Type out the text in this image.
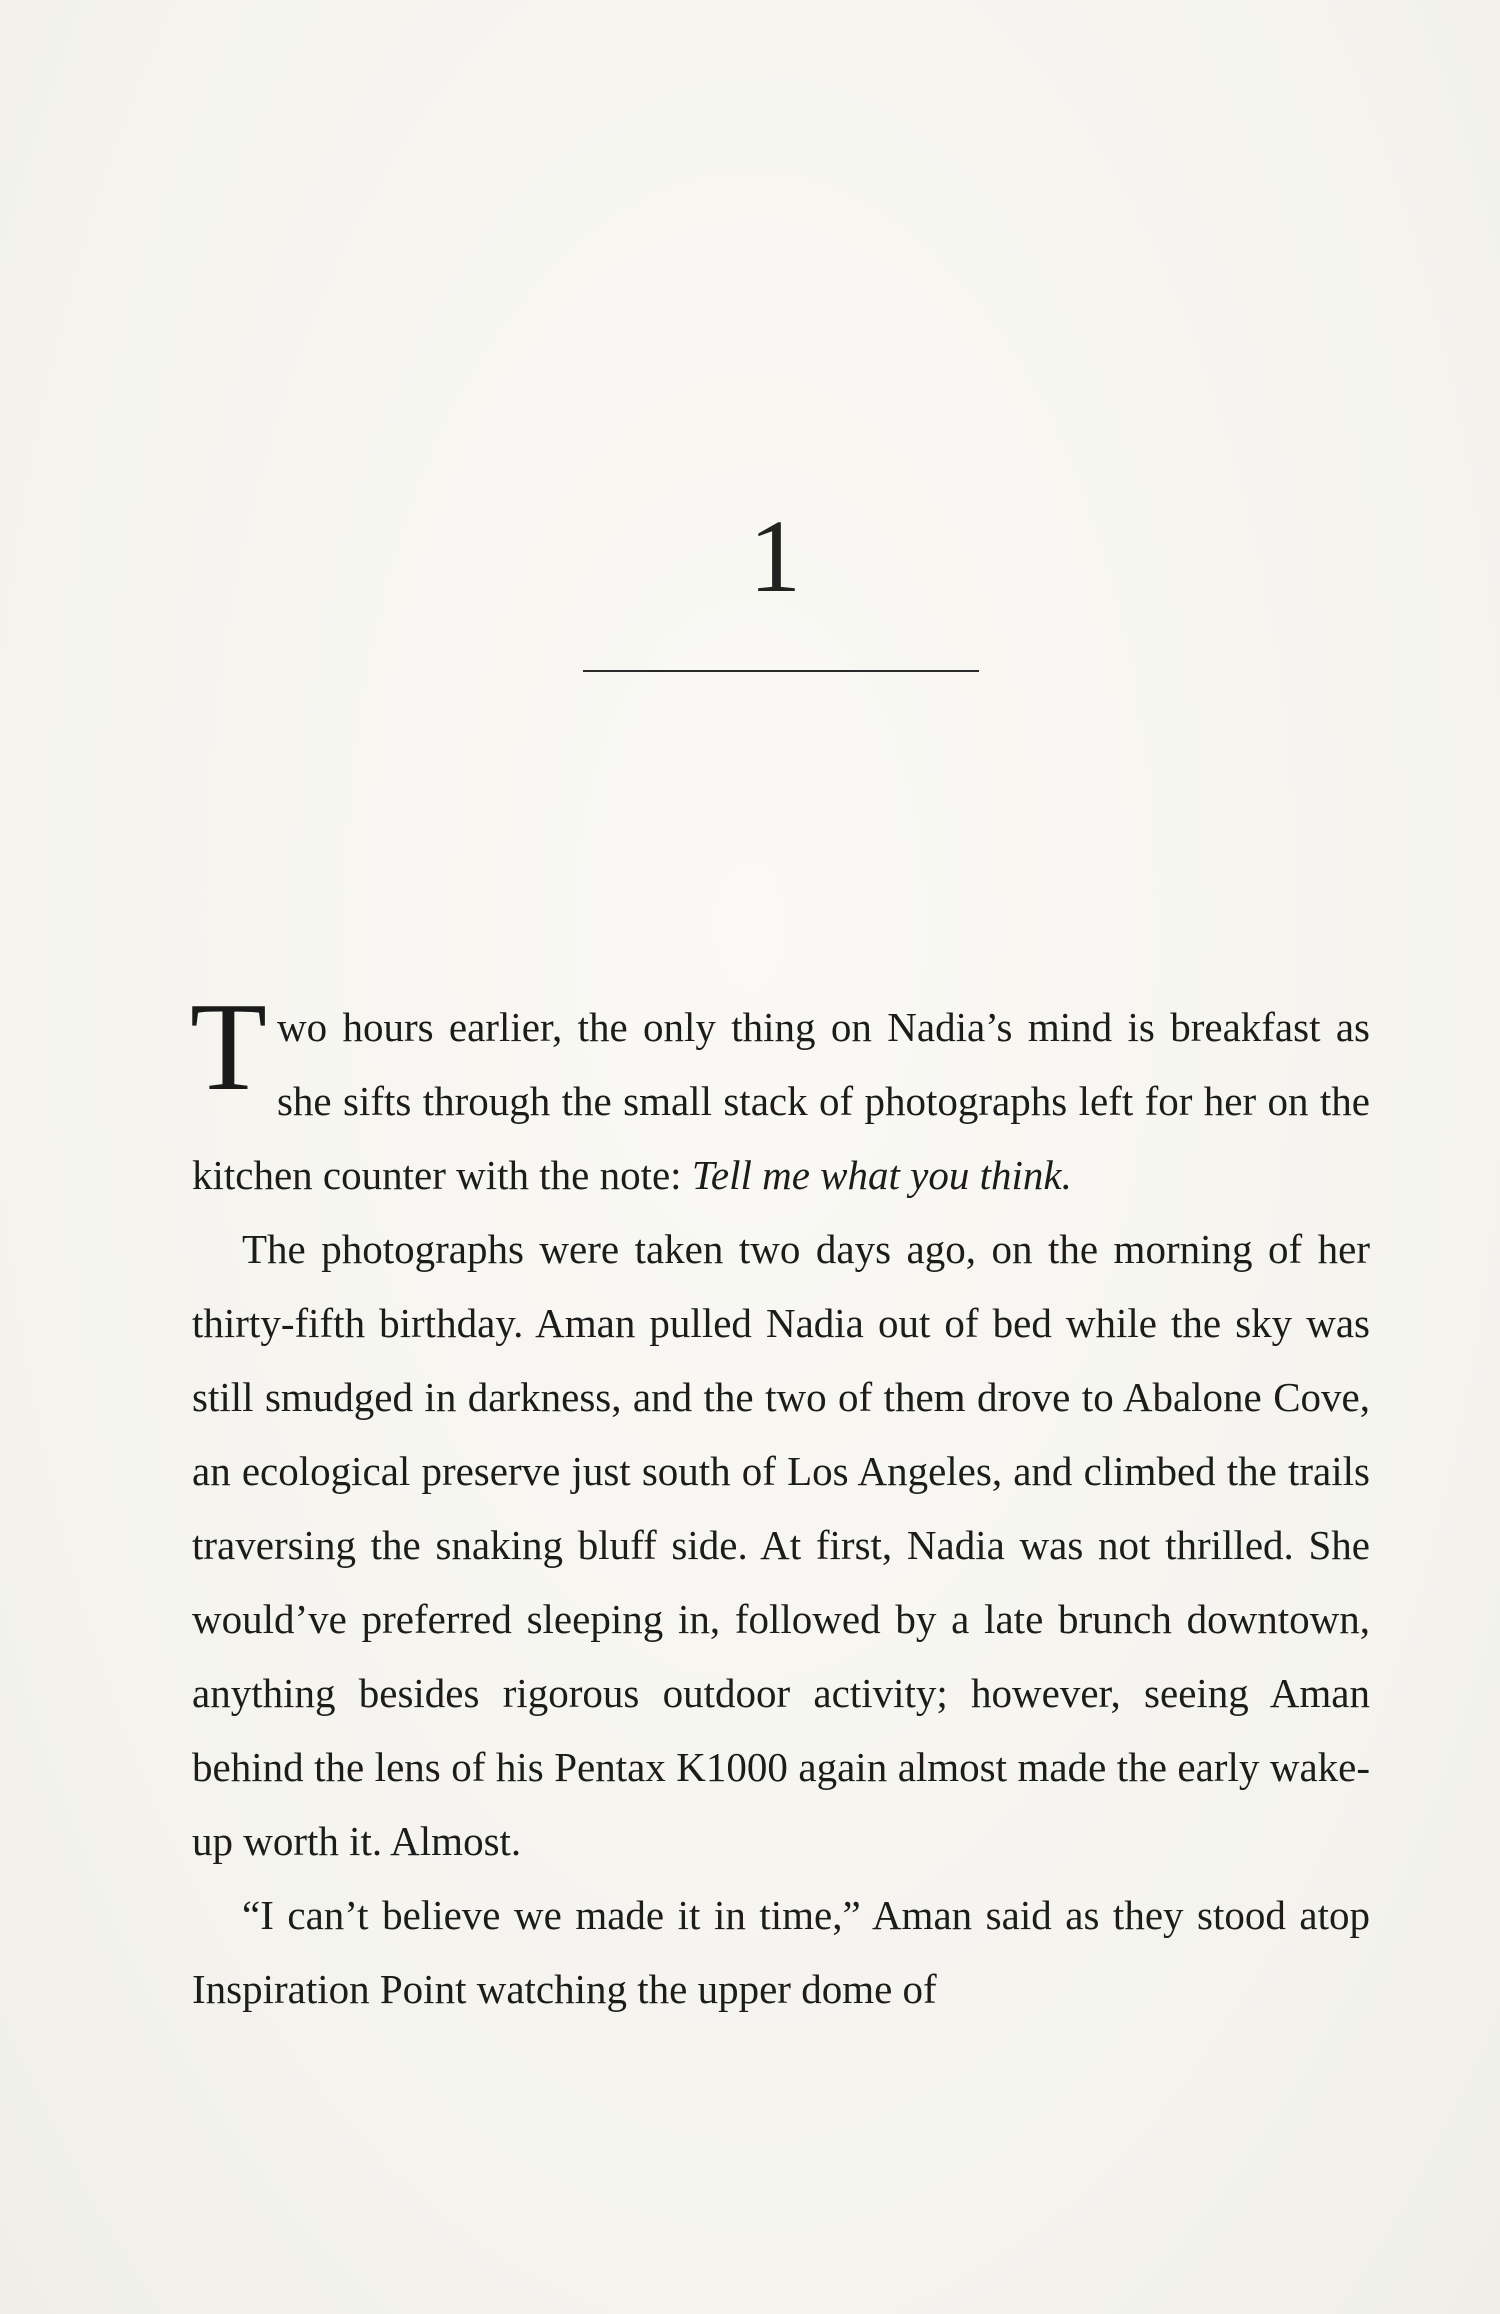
1

Two hours earlier, the only thing on Nadia’s mind is breakfast as she sifts through the small stack of photographs left for her on the kitchen counter with the note: Tell me what you think.

The photographs were taken two days ago, on the morning of her thirty-fifth birthday. Aman pulled Nadia out of bed while the sky was still smudged in darkness, and the two of them drove to Abalone Cove, an ecological preserve just south of Los Angeles, and climbed the trails traversing the snaking bluff side. At first, Nadia was not thrilled. She would’ve preferred sleeping in, followed by a late brunch downtown, anything besides rigorous outdoor activity; however, seeing Aman behind the lens of his Pentax K1000 again almost made the early wake-up worth it. Almost.

“I can’t believe we made it in time,” Aman said as they stood atop Inspiration Point watching the upper dome of
